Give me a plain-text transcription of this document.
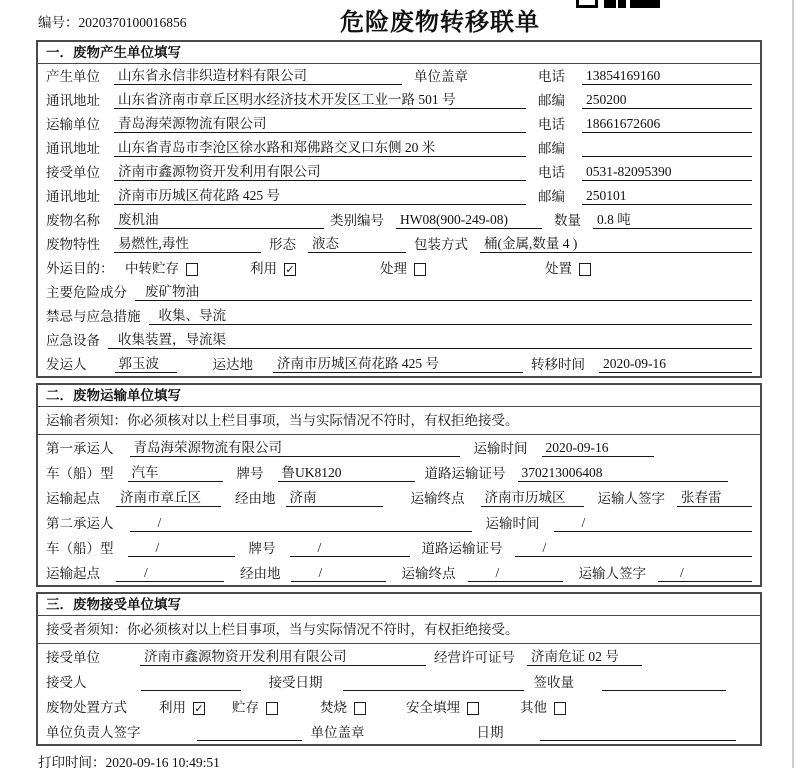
编号：2020370100016856	危险废物转移联单
一．废物产生单位填写
产生单位 山东省永信非织造材料有限公司	单位盖章	电话 13854169160
通讯地址 山东省济南市章丘区明水经济技术开发区工业一路 501 号	邮编 250200
运输单位 青岛海荣源物流有限公司	电话 18661672606
通讯地址 山东省青岛市李沧区徐水路和郑佛路交叉口东侧 20 米	邮编
接受单位 济南市鑫源物资开发利用有限公司	电话 0531-82095390
通讯地址 济南市历城区荷花路 425 号	邮编 250101
废物名称 废机油	类别编号 HW08(900-249-08)	数量 0.8 吨
废物特性 易燃性,毒性	形态 液态	包装方式 桶(金属,数量 4 )
外运目的： 中转贮存	利用 ✓	处理	处置
主要危险成分	废矿物油
禁忌与应急措施	收集、导流
应急设备	收集装置，导流渠
发运人 郭玉波	运达地 济南市历城区荷花路 425 号	转移时间 2020-09-16
二．废物运输单位填写
运输者须知：你必须核对以上栏目事项，当与实际情况不符时，有权拒绝接受。
第一承运人 青岛海荣源物流有限公司	运输时间 2020-09-16
车（船）型 汽车	牌号 鲁UK8120	道路运输证号 370213006408
运输起点 济南市章丘区	经由地 济南	运输终点 济南市历城区	运输人签字 张春雷
第二承运人	/	运输时间	/
车（船）型	/	牌号	/	道路运输证号	/
运输起点	/	经由地	/	运输终点	/	运输人签字	/
三．废物接受单位填写
接受者须知：你必须核对以上栏目事项，当与实际情况不符时，有权拒绝接受。
接受单位	济南市鑫源物资开发利用有限公司	经营许可证号 济南危证 02 号
接受人	接受日期	签收量
废物处置方式 利用 ✓ 贮存	焚烧	安全填埋	其他
单位负责人签字	单位盖章	日期
打印时间：2020-09-16 10:49:51
